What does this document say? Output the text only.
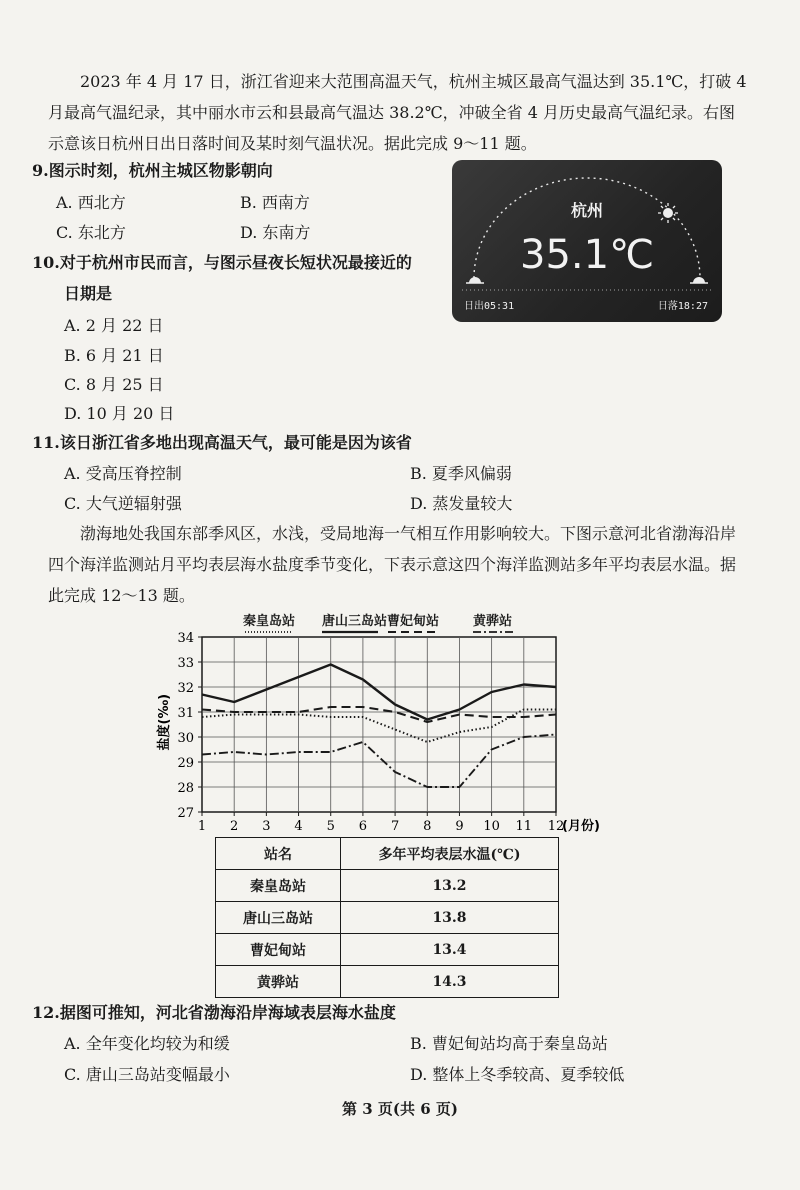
2023 年 4 月 17 日，浙江省迎来大范围高温天气，杭州主城区最高气温达到 35.1℃，打破 4 月最高气温纪录，其中丽水市云和县最高气温达 38.2℃，冲破全省 4 月历史最高气温纪录。右图示意该日杭州日出日落时间及某时刻气温状况。据此完成 9～11 题。

9.图示时刻，杭州主城区物影朝向
A. 西北方	B. 西南方
C. 东北方	D. 东南方
杭州
35.1℃
日出05:31	日落18:27
10.对于杭州市民而言，与图示昼夜长短状况最接近的
日期是
A. 2 月 22 日
B. 6 月 21 日
C. 8 月 25 日
D. 10 月 20 日
11.该日浙江省多地出现高温天气，最可能是因为该省
A. 受高压脊控制	B. 夏季风偏弱
C. 大气逆辐射强	D. 蒸发量较大

渤海地处我国东部季风区，水浅，受局地海一气相互作用影响较大。下图示意河北省渤海沿岸四个海洋监测站月平均表层海水盐度季节变化，下表示意这四个海洋监测站多年平均表层水温。据此完成 12～13 题。

秦皇岛站 唐山三岛站 曹妃甸站	黄骅站
27
28
29
30
31
32
33
34
1 2 3 4 5 6 7 8 9 10 11 12
盐度(‰)
(月份)
站名	多年平均表层水温(℃)
秦皇岛站	13.2
唐山三岛站	13.8
曹妃甸站	13.4
黄骅站	14.3
12.据图可推知，河北省渤海沿岸海域表层海水盐度
A. 全年变化均较为和缓	B. 曹妃甸站均高于秦皇岛站
C. 唐山三岛站变幅最小	D. 整体上冬季较高、夏季较低
第 3 页(共 6 页)
